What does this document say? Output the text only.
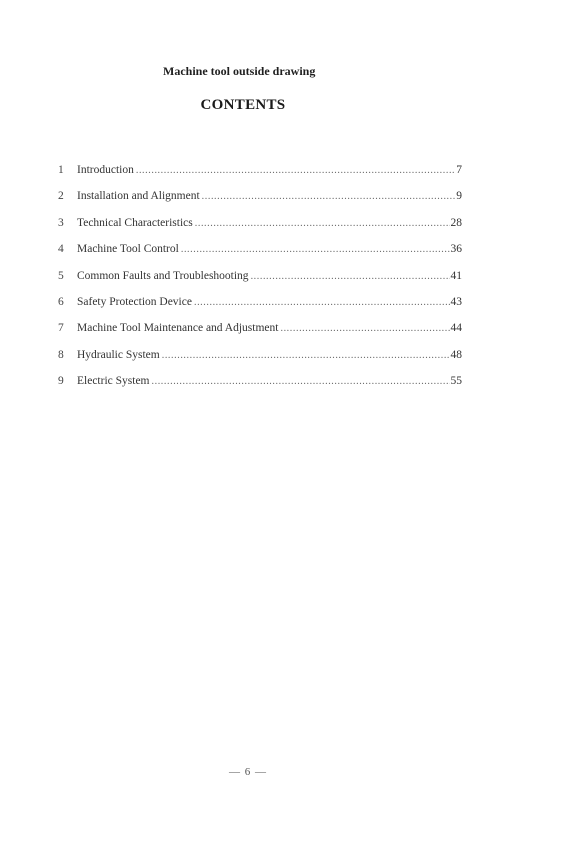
Machine tool outside drawing
CONTENTS
1	Introduction .....	7
2	Installation and Alignment .....	9
3	Technical Characteristics .....	28
4	Machine Tool Control .....	36
5	Common Faults and Troubleshooting .....	41
6	Safety Protection Device .....	43
7	Machine Tool Maintenance and Adjustment .....	44
8	Hydraulic System .....	48
9	Electric System .....	55
— 6 —
